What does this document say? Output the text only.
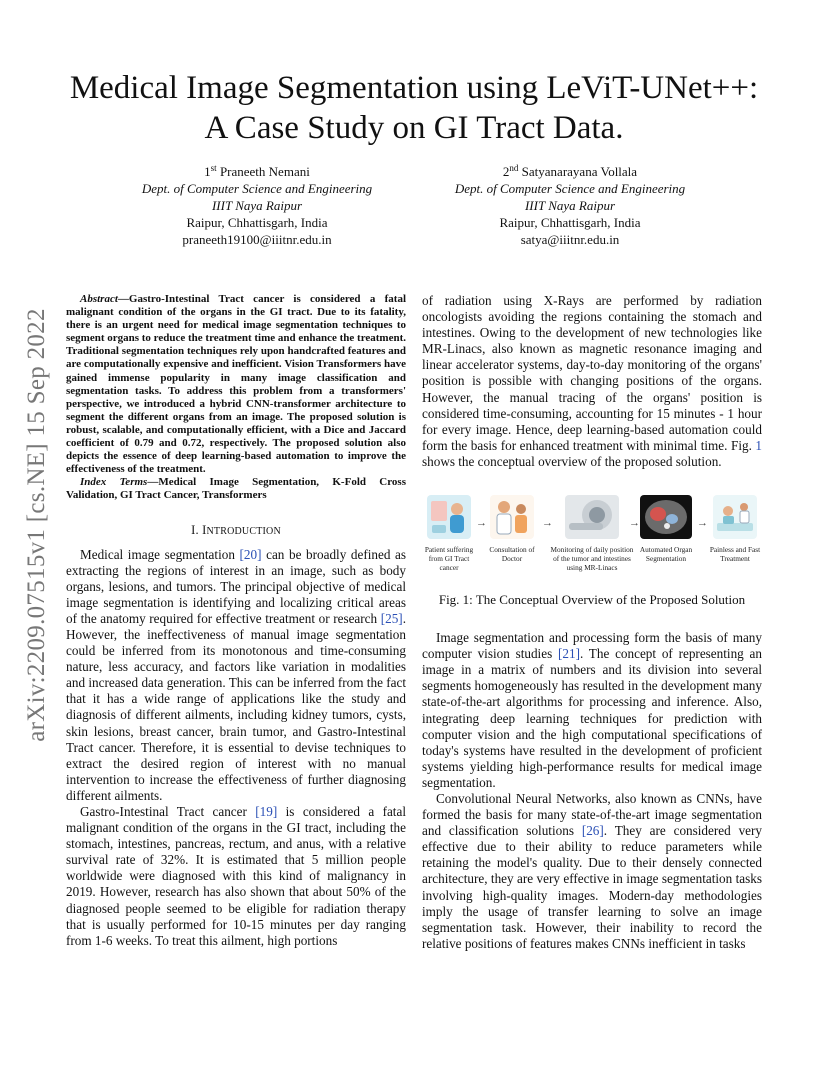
arXiv:2209.07515v1 [cs.NE] 15 Sep 2022
Medical Image Segmentation using LeViT-UNet++:
A Case Study on GI Tract Data.
1st Praneeth Nemani
Dept. of Computer Science and Engineering
IIIT Naya Raipur
Raipur, Chhattisgarh, India
praneeth19100@iiitnr.edu.in
2nd Satyanarayana Vollala
Dept. of Computer Science and Engineering
IIIT Naya Raipur
Raipur, Chhattisgarh, India
satya@iiitnr.edu.in

Abstract—Gastro-Intestinal Tract cancer is considered a fatal malignant condition of the organs in the GI tract. Due to its fatality, there is an urgent need for medical image segmentation techniques to segment organs to reduce the treatment time and enhance the treatment. Traditional segmentation techniques rely upon handcrafted features and are computationally expensive and inefficient. Vision Transformers have gained immense popularity in many image classification and segmentation tasks. To address this problem from a transformers' perspective, we introduced a hybrid CNN-transformer architecture to segment the different organs from an image. The proposed solution is robust, scalable, and computationally efficient, with a Dice and Jaccard coefficient of 0.79 and 0.72, respectively. The proposed solution also depicts the essence of deep learning-based automation to improve the effectiveness of the treatment.

Index Terms—Medical Image Segmentation, K-Fold Cross Validation, GI Tract Cancer, Transformers

I. INTRODUCTION

Medical image segmentation [20] can be broadly defined as extracting the regions of interest in an image, such as body organs, lesions, and tumors. The principal objective of medical image segmentation is identifying and localizing critical areas of the anatomy required for effective treatment or research [25]. However, the ineffectiveness of manual image segmentation could be inferred from its monotonous and time-consuming nature, less accuracy, and factors like variation in modalities and increased data generation. This can be inferred from the fact that it has a wide range of applications like the study and diagnosis of different ailments, including kidney tumors, cysts, skin lesions, breast cancer, brain tumor, and Gastro-Intestinal Tract cancer. Therefore, it is essential to devise techniques to extract the desired region of interest with no manual intervention to increase the effectiveness of further diagnosing different ailments.

Gastro-Intestinal Tract cancer [19] is considered a fatal malignant condition of the organs in the GI tract, including the stomach, intestines, pancreas, rectum, and anus, with a relative survival rate of 32%. It is estimated that 5 million people worldwide were diagnosed with this kind of malignancy in 2019. However, research has also shown that about 50% of the diagnosed people seemed to be eligible for radiation therapy that is usually performed for 10-15 minutes per day ranging from 1-6 weeks. To treat this ailment, high portions

of radiation using X-Rays are performed by radiation oncologists avoiding the regions containing the stomach and intestines. Owing to the development of new technologies like MR-Linacs, also known as magnetic resonance imaging and linear accelerator systems, day-to-day monitoring of the organs' position is possible with changing positions of the organs. However, the manual tracing of the organs' position is considered time-consuming, accounting for 15 minutes - 1 hour for every image. Hence, deep learning-based automation could form the basis for enhanced treatment with minimal time. Fig. 1 shows the conceptual overview of the proposed solution.

Patient suffering from GI Tract cancer
→
Consultation of Doctor
→
Monitoring of daily position of the tumor and intestines using MR-Linacs
→
Automated Organ Segmentation
→
Painless and Fast Treatment
Fig. 1: The Conceptual Overview of the Proposed Solution

Image segmentation and processing form the basis of many computer vision studies [21]. The concept of representing an image in a matrix of numbers and its division into several segments homogeneously has resulted in the development many state-of-the-art algorithms for processing and inference. Also, integrating deep learning techniques for prediction with computer vision and the high computational specifications of today's systems have resulted in the development of proficient systems yielding high-performance results for medical image segmentation.

Convolutional Neural Networks, also known as CNNs, have formed the basis for many state-of-the-art image segmentation and classification solutions [26]. They are considered very effective due to their ability to reduce parameters while retaining the model's quality. Due to their densely connected architecture, they are very effective in image segmentation tasks involving high-quality images. Modern-day methodologies imply the usage of transfer learning to solve an image segmentation task. However, their inability to record the relative positions of features makes CNNs inefficient in tasks
